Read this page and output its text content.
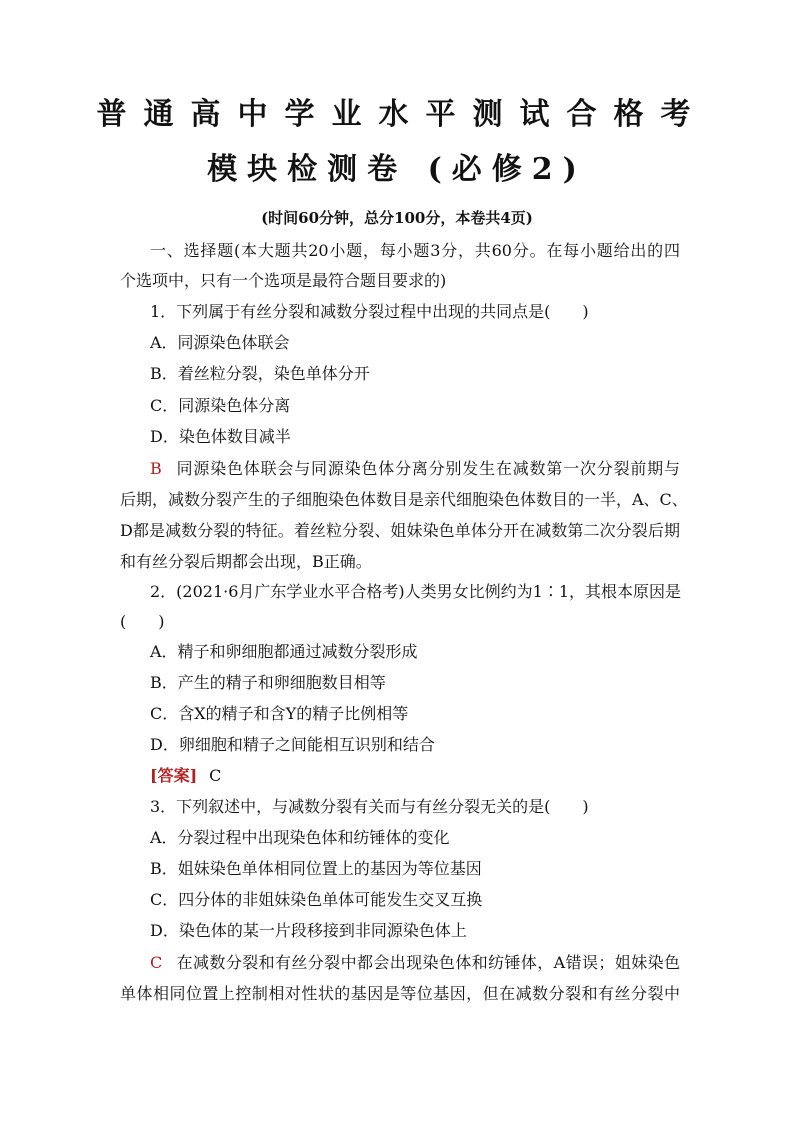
普通高中学业水平测试合格考
模块检测卷 (必修2)
(时间60分钟，总分100分，本卷共4页)
一、选择题(本大题共20小题，每小题3分，共60分。在每小题给出的四
个选项中，只有一个选项是最符合题目要求的)
1．下列属于有丝分裂和减数分裂过程中出现的共同点是(　　)
A．同源染色体联会
B．着丝粒分裂，染色单体分开
C．同源染色体分离
D．染色体数目减半
B 同源染色体联会与同源染色体分离分别发生在减数第一次分裂前期与
后期，减数分裂产生的子细胞染色体数目是亲代细胞染色体数目的一半，A、C、
D都是减数分裂的特征。着丝粒分裂、姐妹染色单体分开在减数第二次分裂后期
和有丝分裂后期都会出现，B正确。
2．(2021·6月广东学业水平合格考)人类男女比例约为1∶1，其根本原因是
(　　)
A．精子和卵细胞都通过减数分裂形成
B．产生的精子和卵细胞数目相等
C．含X的精子和含Y的精子比例相等
D．卵细胞和精子之间能相互识别和结合
[答案] C
3．下列叙述中，与减数分裂有关而与有丝分裂无关的是(　　)
A．分裂过程中出现染色体和纺锤体的变化
B．姐妹染色单体相同位置上的基因为等位基因
C．四分体的非姐妹染色单体可能发生交叉互换
D．染色体的某一片段移接到非同源染色体上
C 在减数分裂和有丝分裂中都会出现染色体和纺锤体，A错误；姐妹染色
单体相同位置上控制相对性状的基因是等位基因，但在减数分裂和有丝分裂中
